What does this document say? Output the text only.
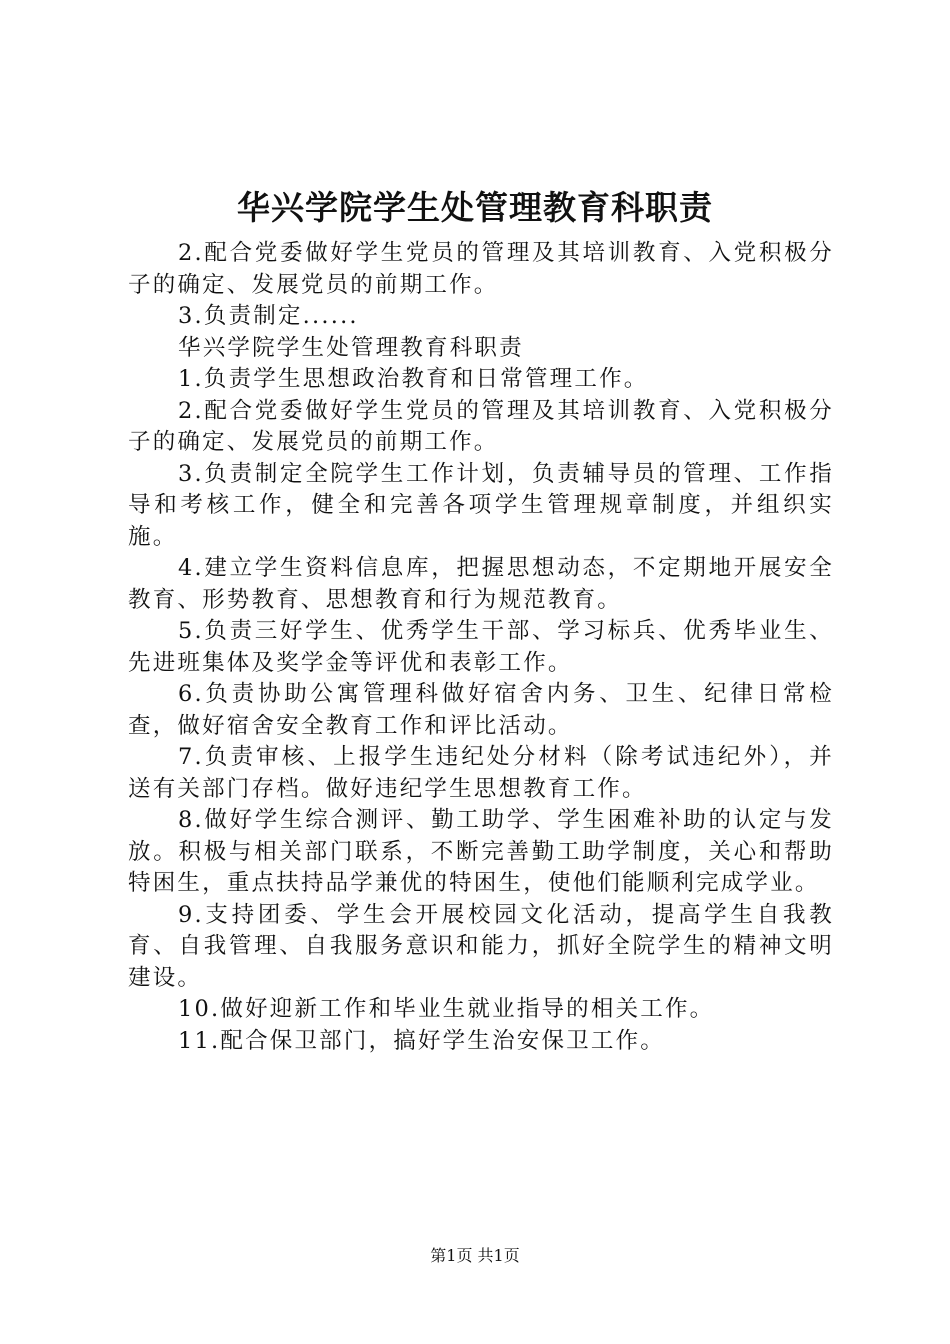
华兴学院学生处管理教育科职责

2.配合党委做好学生党员的管理及其培训教育、入党积极分子的确定、发展党员的前期工作。

3.负责制定......

华兴学院学生处管理教育科职责

1.负责学生思想政治教育和日常管理工作。

2.配合党委做好学生党员的管理及其培训教育、入党积极分子的确定、发展党员的前期工作。

3.负责制定全院学生工作计划，负责辅导员的管理、工作指导和考核工作，健全和完善各项学生管理规章制度，并组织实施。

4.建立学生资料信息库，把握思想动态，不定期地开展安全教育、形势教育、思想教育和行为规范教育。

5.负责三好学生、优秀学生干部、学习标兵、优秀毕业生、先进班集体及奖学金等评优和表彰工作。

6.负责协助公寓管理科做好宿舍内务、卫生、纪律日常检查，做好宿舍安全教育工作和评比活动。

7.负责审核、上报学生违纪处分材料（除考试违纪外），并送有关部门存档。做好违纪学生思想教育工作。

8.做好学生综合测评、勤工助学、学生困难补助的认定与发放。积极与相关部门联系，不断完善勤工助学制度，关心和帮助特困生，重点扶持品学兼优的特困生，使他们能顺利完成学业。

9.支持团委、学生会开展校园文化活动，提高学生自我教育、自我管理、自我服务意识和能力，抓好全院学生的精神文明建设。

10.做好迎新工作和毕业生就业指导的相关工作。

11.配合保卫部门，搞好学生治安保卫工作。

第1页 共1页
